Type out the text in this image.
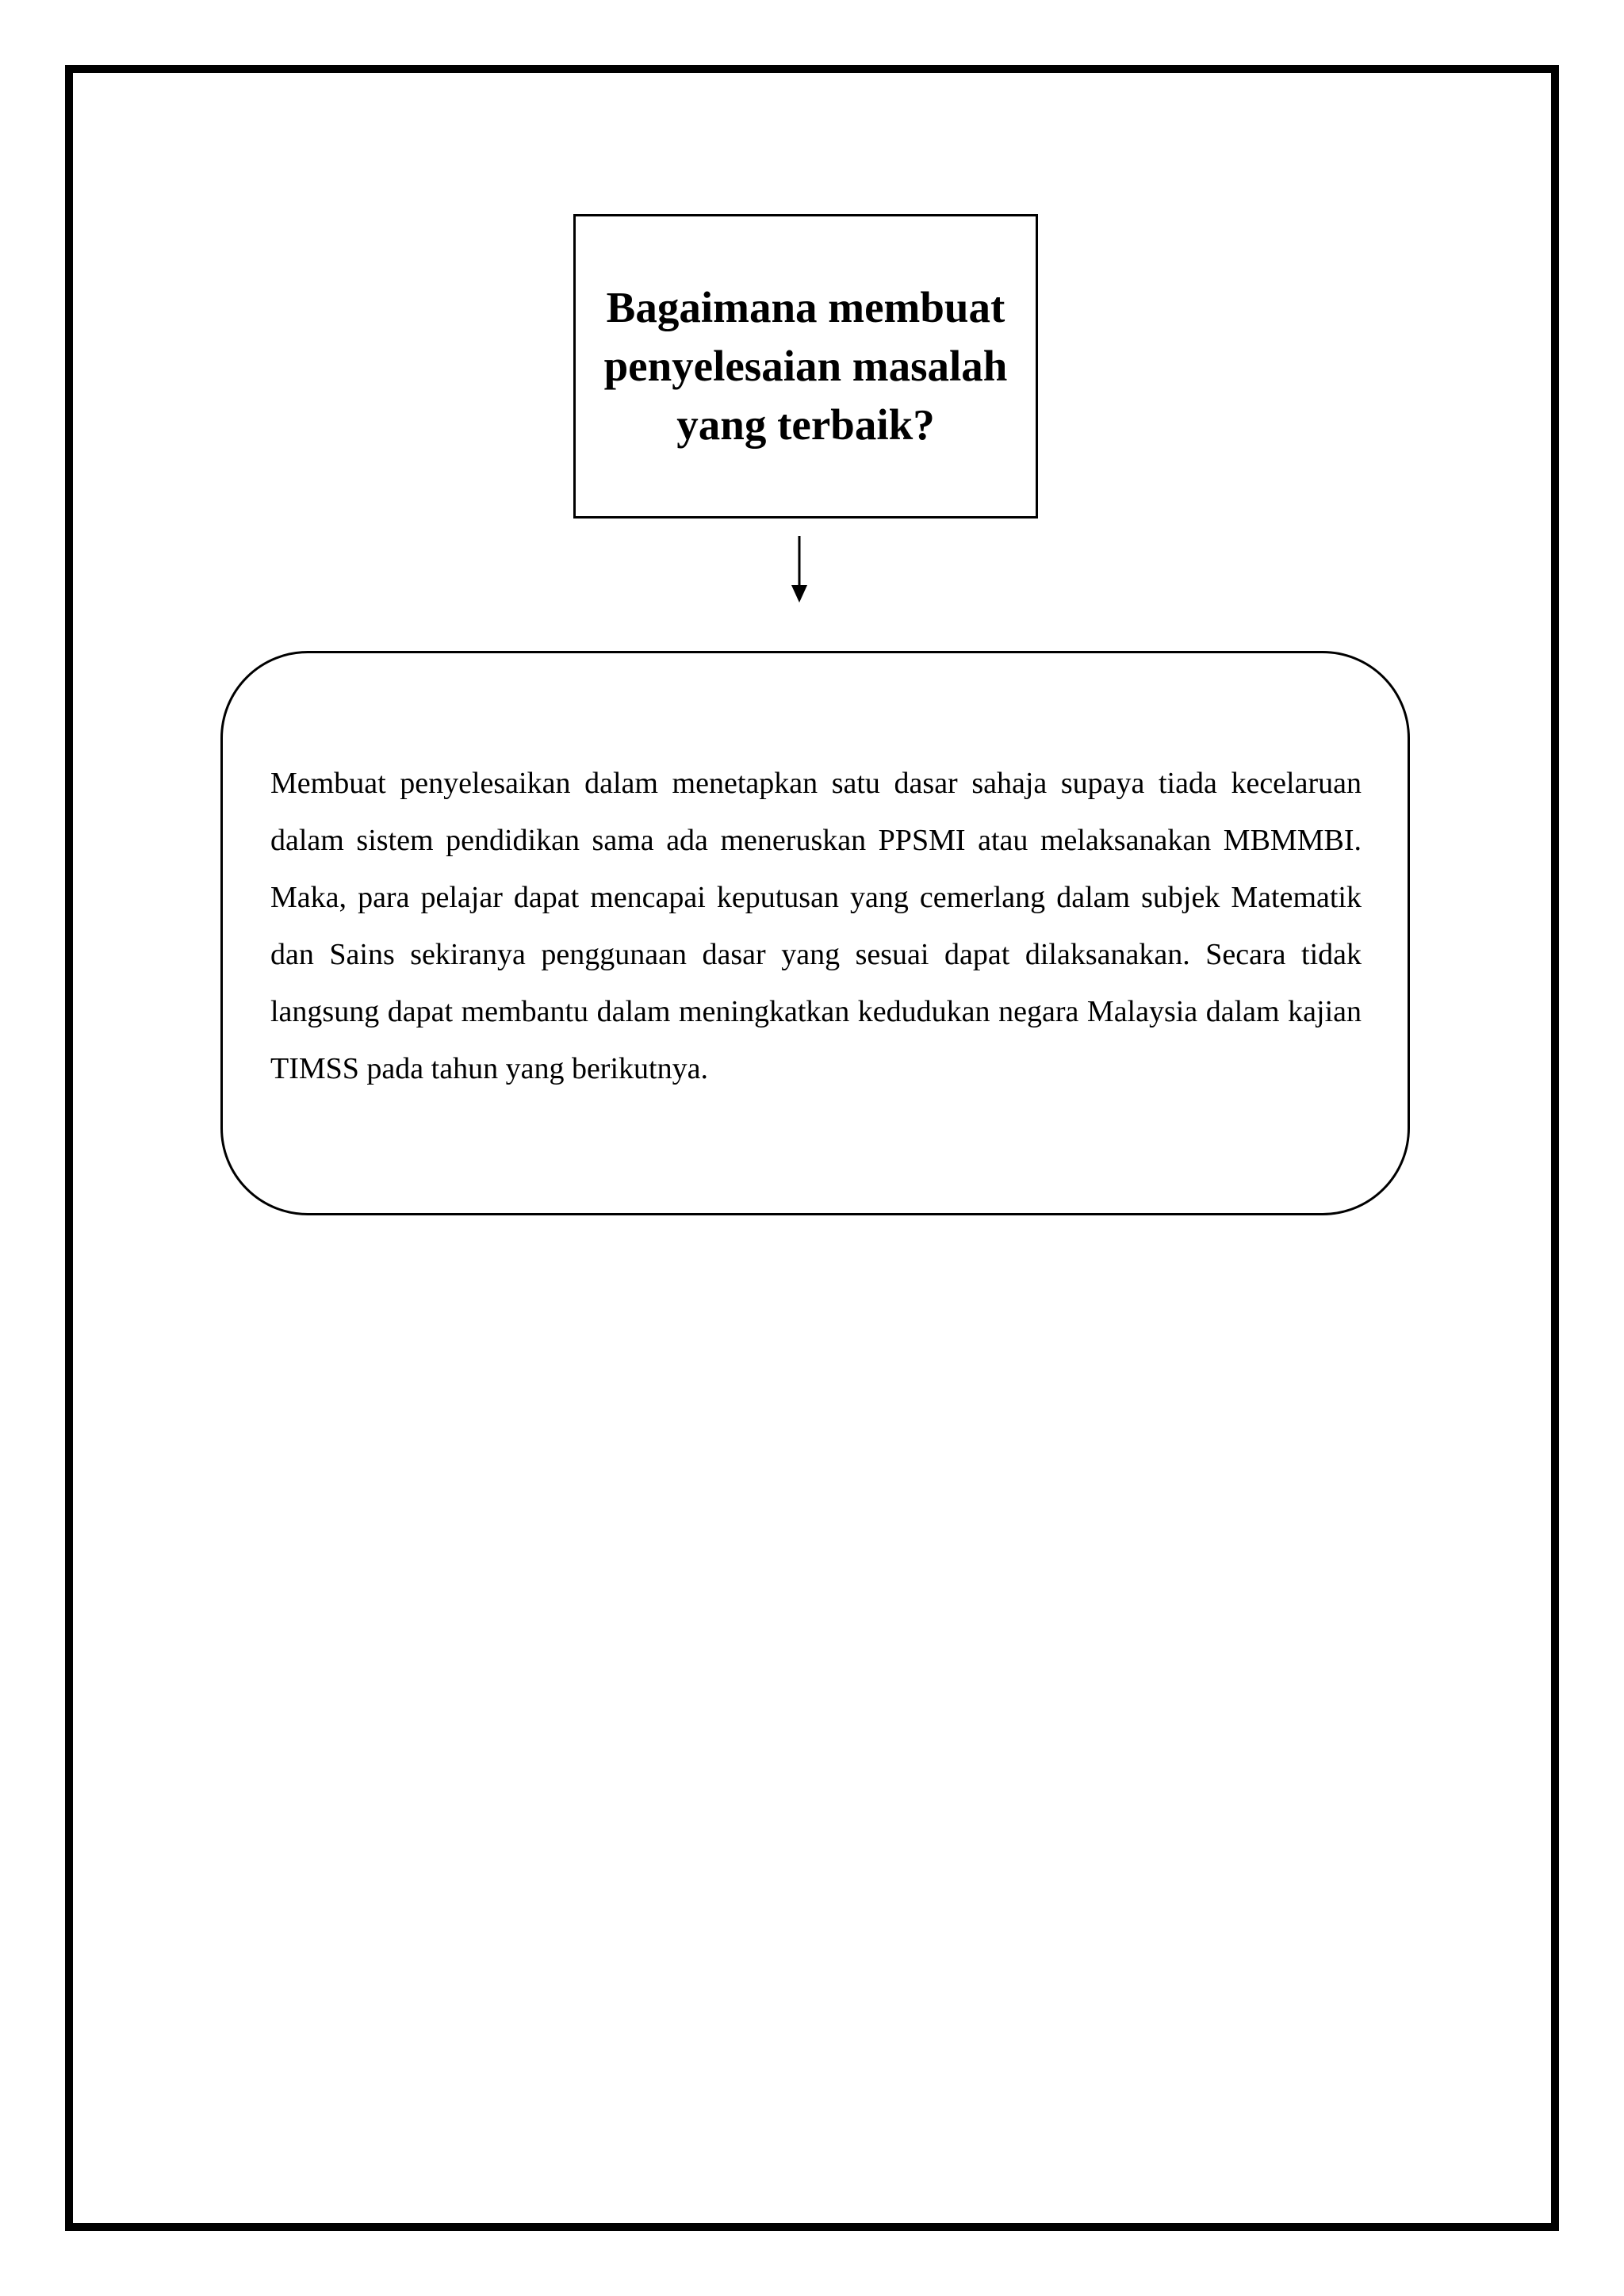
Bagaimana membuat penyelesaian masalah yang terbaik?

Membuat penyelesaikan dalam menetapkan satu dasar sahaja supaya tiada kecelaruan dalam sistem pendidikan sama ada meneruskan PPSMI atau melaksanakan MBMMBI. Maka, para pelajar dapat mencapai keputusan yang cemerlang dalam subjek Matematik dan Sains sekiranya penggunaan dasar yang sesuai dapat dilaksanakan. Secara tidak langsung dapat membantu dalam meningkatkan kedudukan negara Malaysia dalam kajian TIMSS pada tahun yang berikutnya.
